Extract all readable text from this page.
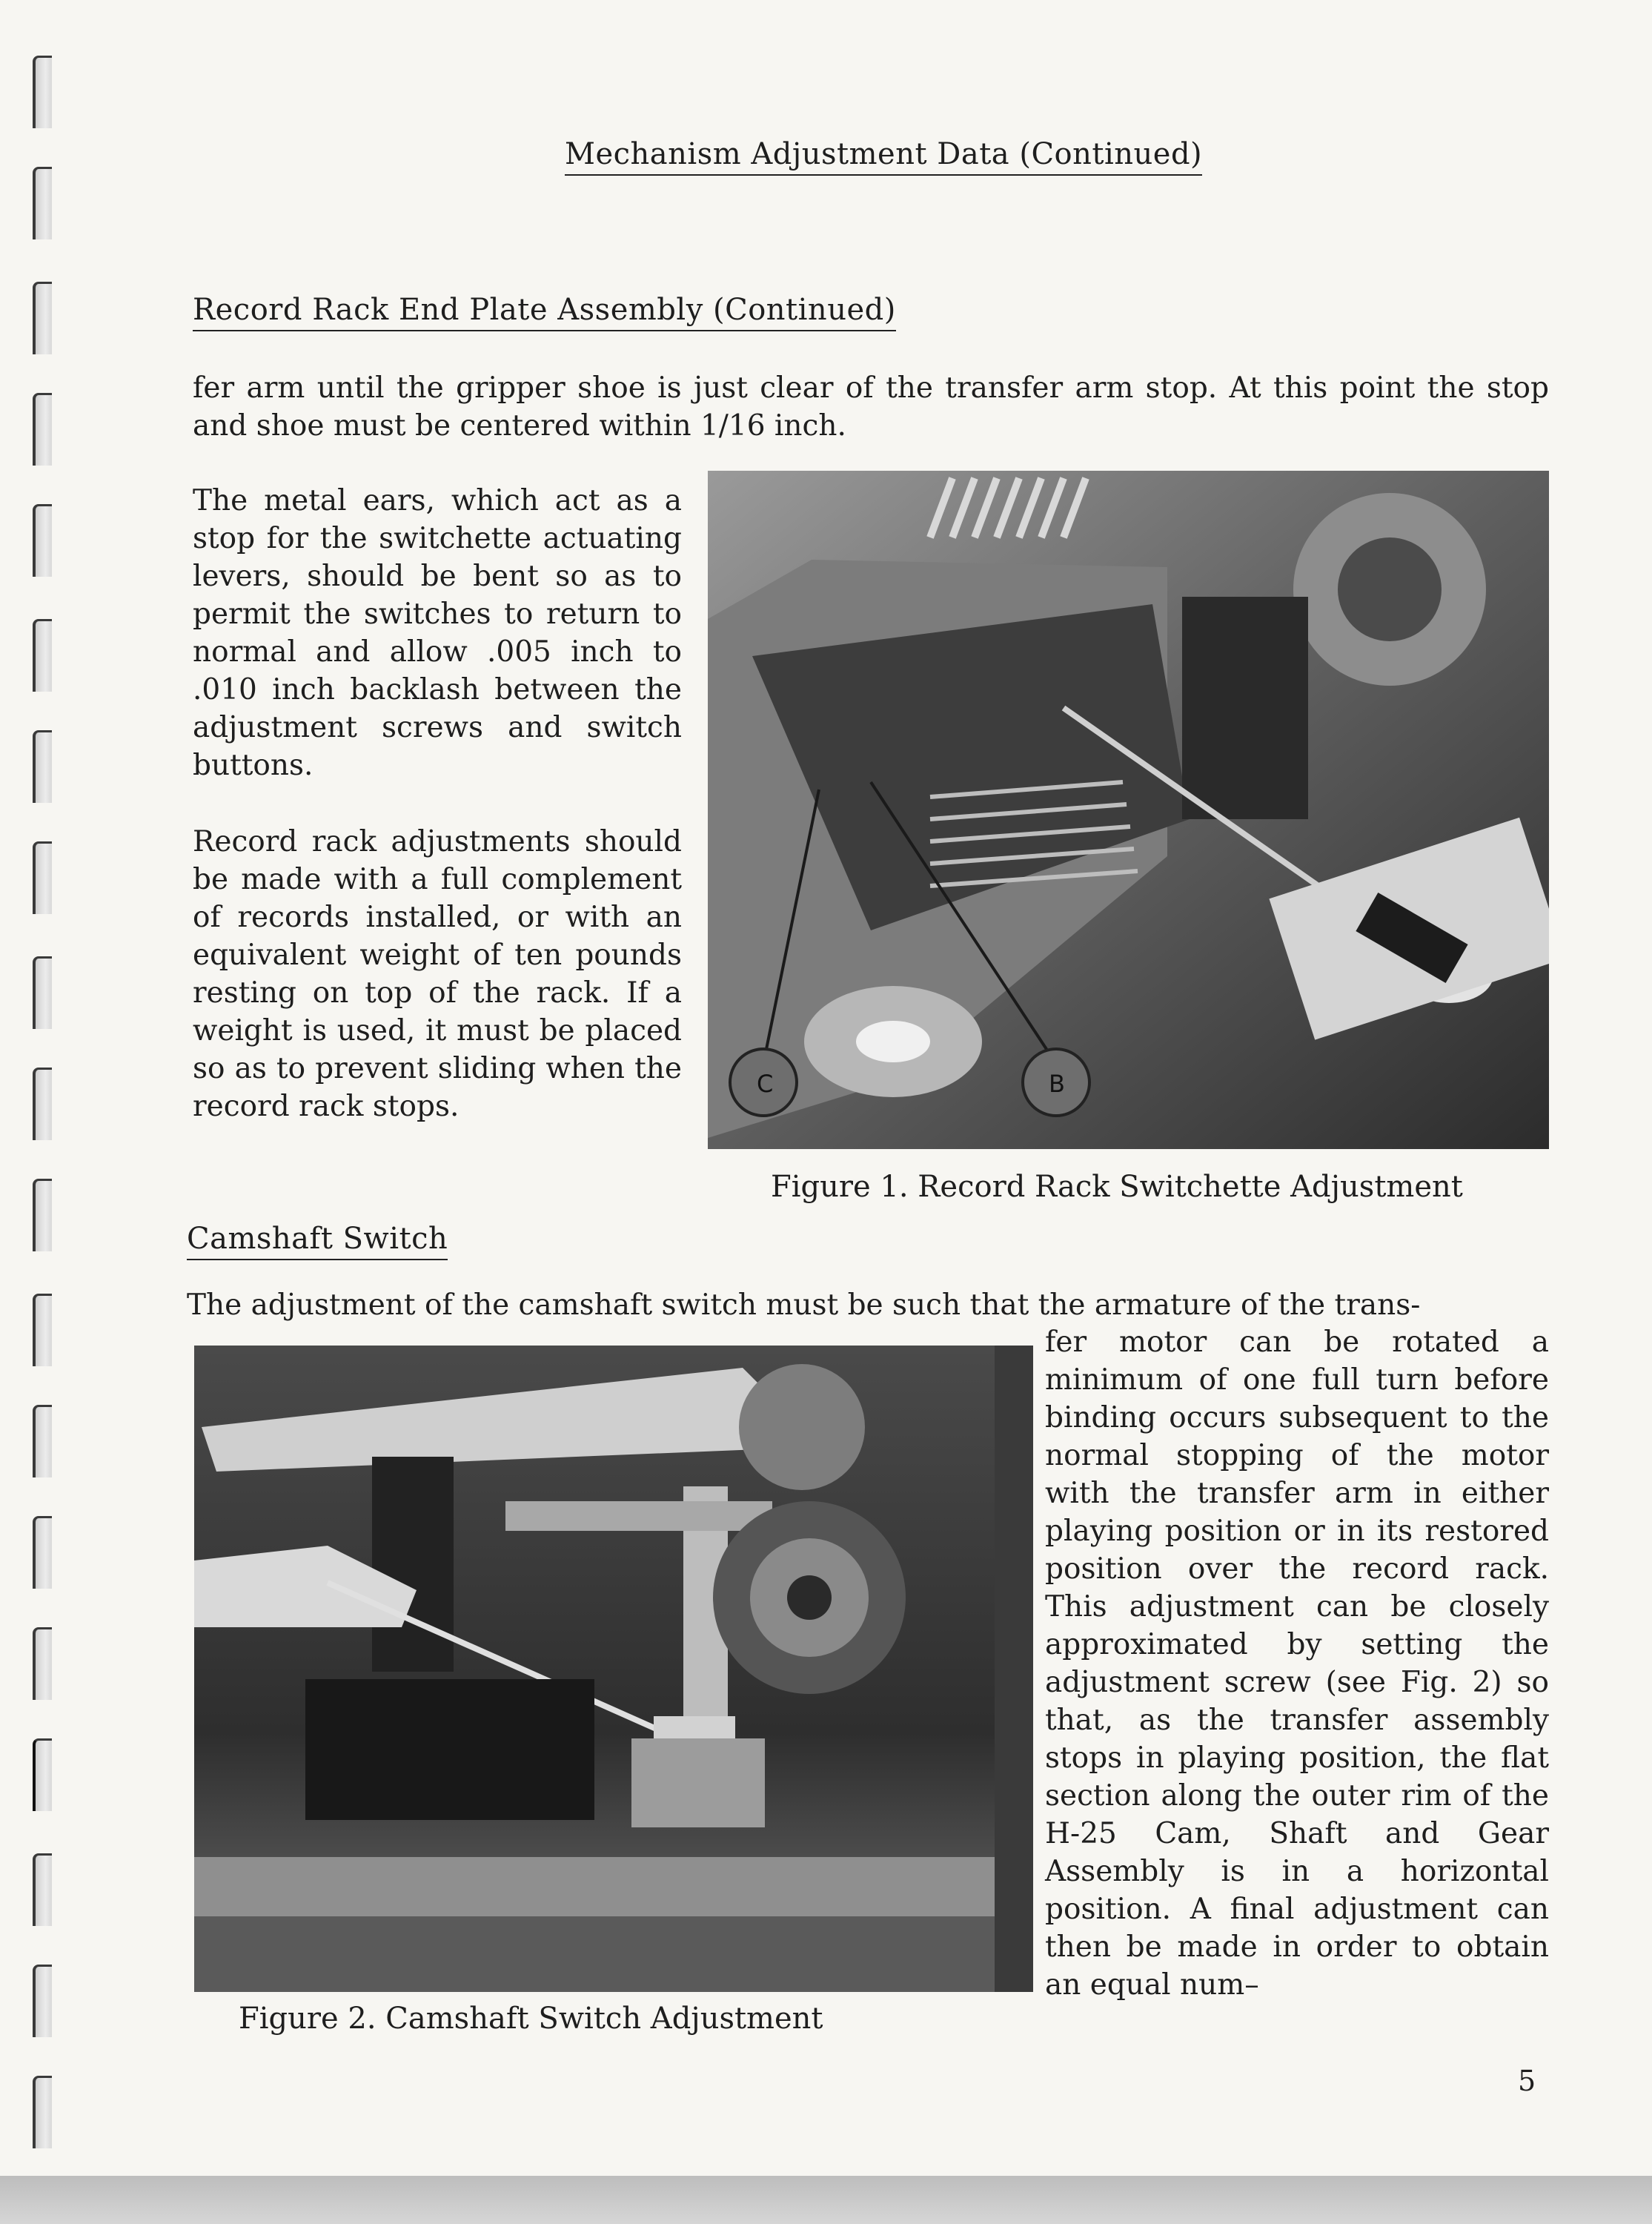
Mechanism Adjustment Data (Continued)
Record Rack End Plate Assembly (Continued)
fer arm until the gripper shoe is just clear of the transfer arm stop. At this point the stop and shoe must be centered within 1/16 inch.
The metal ears, which act as a stop for the switchette actuating levers, should be bent so as to permit the switches to return to normal and allow .005 inch to .010 inch backlash between the adjustment screws and switch buttons.
Record rack adjustments should be made with a full complement of records installed, or with an equivalent weight of ten pounds resting on top of the rack. If a weight is used, it must be placed so as to prevent sliding when the record rack stops.
C	B
Figure 1. Record Rack Switchette Adjustment
Camshaft Switch
The adjustment of the camshaft switch must be such that the armature of the trans-
Figure 2. Camshaft Switch Adjustment
fer motor can be rotated a minimum of one full turn before binding occurs subsequent to the normal stopping of the motor with the transfer arm in either playing position or in its restored position over the record rack. This adjustment can be closely approximated by setting the adjustment screw (see Fig. 2) so that, as the transfer assembly stops in playing position, the flat section along the outer rim of the H-25 Cam, Shaft and Gear Assembly is in a horizontal position. A final adjustment can then be made in order to obtain an equal num–
5
